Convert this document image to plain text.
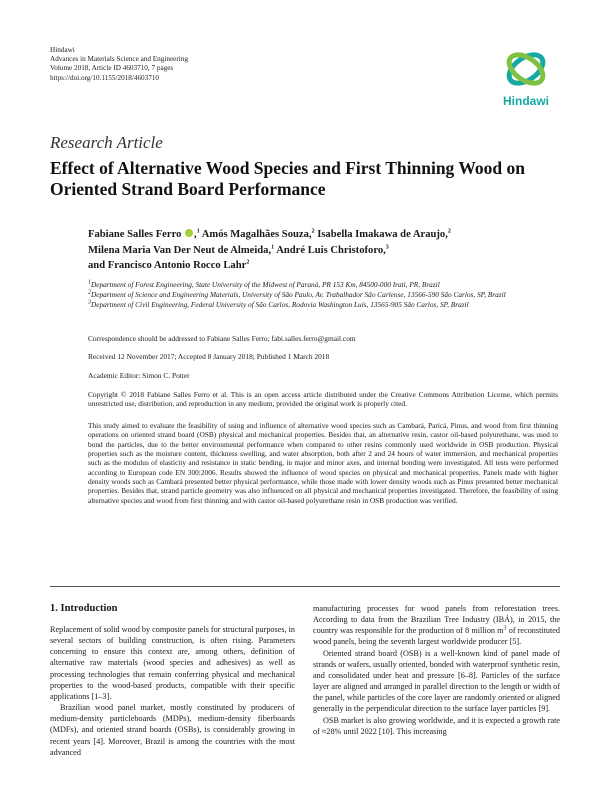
Hindawi
Advances in Materials Science and Engineering
Volume 2018, Article ID 4603710, 7 pages
https://doi.org/10.1155/2018/4603710
Hindawi
Research Article
Effect of Alternative Wood Species and First Thinning Wood on Oriented Strand Board Performance
Fabiane Salles Ferro ,$^1$ Amós Magalhães Souza,$^2$ Isabella Imakawa de Araujo,$^2$
Milena Maria Van Der Neut de Almeida,$^1$ André Luis Christoforo,$^3$
and Francisco Antonio Rocco Lahr$^2$

$^1$Department of Forest Engineering, State University of the Midwest of Paraná, PR 153 Km, 84500-000 Irati, PR, Brazil

$^2$Department of Science and Engineering Materials, University of São Paulo, Av. Trabalhador São Carlense, 13566-590 São Carlos, SP, Brazil

$^3$Department of Civil Engineering, Federal University of São Carlos, Rodovia Washington Luís, 13565-905 São Carlos, SP, Brazil

Correspondence should be addressed to Fabiane Salles Ferro; fabi.salles.ferro@gmail.com
Received 12 November 2017; Accepted 8 January 2018; Published 1 March 2018
Academic Editor: Simon C. Potter
Copyright © 2018 Fabiane Salles Ferro et al. This is an open access article distributed under the Creative Commons Attribution License, which permits unrestricted use, distribution, and reproduction in any medium, provided the original work is properly cited.
This study aimed to evaluate the feasibility of using and influence of alternative wood species such as Cambará, Paricá, Pinus, and wood from first thinning operations on oriented strand board (OSB) physical and mechanical properties. Besides that, an alternative resin, castor oil-based polyurethane, was used to bond the particles, due to the better environmental performance when compared to other resins commonly used worldwide in OSB production. Physical properties such as the moisture content, thickness swelling, and water absorption, both after 2 and 24 hours of water immersion, and mechanical properties such as the modulus of elasticity and resistance in static bending, in major and minor axes, and internal bonding were investigated. All tests were performed according to European code EN 300:2006. Results showed the influence of wood species on physical and mechanical properties. Panels made with higher density woods such as Cambará presented better physical performance, while those made with lower density woods such as Pinus presented better mechanical properties. Besides that, strand particle geometry was also influenced on all physical and mechanical properties investigated. Therefore, the feasibility of using alternative species and wood from first thinning and with castor oil-based polyurethane resin in OSB production was verified.
1. Introduction

Replacement of solid wood by composite panels for structural purposes, in several sectors of building construction, is often rising. Parameters concerning to ensure this context are, among others, definition of alternative raw materials (wood species and adhesives) as well as processing technologies that remain conferring physical and mechanical properties to the wood-based products, compatible with their specific applications [1–3].

Brazilian wood panel market, mostly constituted by producers of medium-density particleboards (MDPs), medium-density fiberboards (MDFs), and oriented strand boards (OSBs), is considerably growing in recent years [4]. Moreover, Brazil is among the countries with the most advanced

manufacturing processes for wood panels from reforestation trees. According to data from the Brazilian Tree Industry (IBÁ), in 2015, the country was responsible for the production of 8 million $m^3$ of reconstituted wood panels, being the seventh largest worldwide producer [5].

Oriented strand board (OSB) is a well-known kind of panel made of strands or wafers, usually oriented, bonded with waterproof synthetic resin, and consolidated under heat and pressure [6–8]. Particles of the surface layer are aligned and arranged in parallel direction to the length or width of the panel, while particles of the core layer are randomly oriented or aligned generally in the perpendicular direction to the surface layer particles [9].

OSB market is also growing worldwide, and it is expected a growth rate of ≈28% until 2022 [10]. This increasing
